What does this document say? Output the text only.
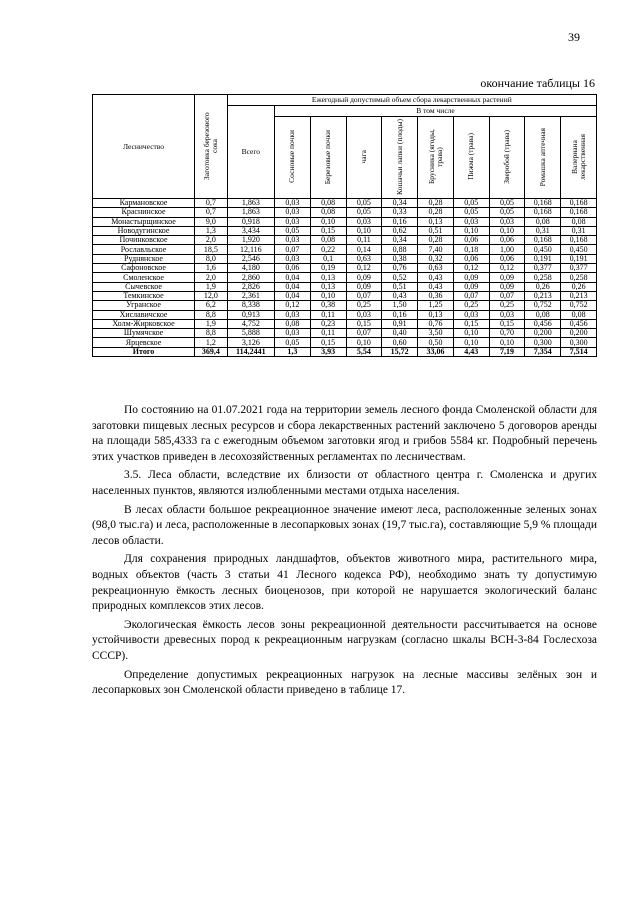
39
окончание таблицы 16
Лесничество	Заготовка березового сока	Ежегодный допустимый объем сбора лекарственных растений									
		Всего	В том числе								
			Сосновые почки	Березовые почки	чага	Кошачьи лапки (плоды)	Брусника (ягоды, трава)	Пижма (трава)	Зверобой (трава)	Ромашка аптечная	Валериана лекарственная
Кармановское	0,7	1,863	0,03	0,08	0,05	0,34	0,28	0,05	0,05	0,168	0,168
Краснинское	0,7	1,863	0,03	0,08	0,05	0,33	0,28	0,05	0,05	0,168	0,168
Монастырщинское	9,0	0,918	0,03	0,10	0,03	0,16	0,13	0,03	0,03	0,08	0,08
Новодугинское	1,3	3,434	0,05	0,15	0,10	0,62	0,51	0,10	0,10	0,31	0,31
Починковское	2,0	1,920	0,03	0,08	0,11	0,34	0,28	0,06	0,06	0,168	0,168
Рославльское	18,5	12,116	0,07	0,22	0,14	0,88	7,40	0,18	1,00	0,450	0,450
Руднянское	8,0	2,546	0,03	0,1	0,63	0,38	0,32	0,06	0,06	0,191	0,191
Сафоновское	1,6	4,180	0,06	0,19	0,12	0,76	0,63	0,12	0,12	0,377	0,377
Смоленское	2,0	2,860	0,04	0,13	0,09	0,52	0,43	0,09	0,09	0,258	0,258
Сычевское	1,9	2,826	0,04	0,13	0,09	0,51	0,43	0,09	0,09	0,26	0,26
Темкинское	12,0	2,361	0,04	0,10	0,07	0,43	0,36	0,07	0,07	0,213	0,213
Угранское	6,2	8,338	0,12	0,38	0,25	1,50	1,25	0,25	0,25	0,752	0,752
Хиславичское	8,8	0,913	0,03	0,11	0,03	0,16	0,13	0,03	0,03	0,08	0,08
Холм-Жирковское	1,9	4,752	0,08	0,23	0,15	0,91	0,76	0,15	0,15	0,456	0,456
Шумячское	8,8	5,888	0,03	0,11	0,07	0,40	3,50	0,10	0,70	0,200	0,200
Ярцевское	1,2	3,126	0,05	0,15	0,10	0,60	0,50	0,10	0,10	0,300	0,300
Итого	369,4	114,2441	1,3	3,93	5,54	15,72	33,06	4,43	7,19	7,354	7,514

По состоянию на 01.07.2021 года на территории земель лесного фонда Смоленской области для заготовки пищевых лесных ресурсов и сбора лекарственных растений заключено 5 договоров аренды на площади 585,4333 га с ежегодным объемом заготовки ягод и грибов 5584 кг. Подробный перечень этих участков приведен в лесохозяйственных регламентах по лесничествам.

3.5. Леса области, вследствие их близости от областного центра г. Смоленска и других населенных пунктов, являются излюбленными местами отдыха населения.

В лесах области большое рекреационное значение имеют леса, расположенные зеленых зонах (98,0 тыс.га) и леса, расположенные в лесопарковых зонах (19,7 тыс.га), составляющие 5,9 % площади лесов области.

Для сохранения природных ландшафтов, объектов животного мира, растительного мира, водных объектов (часть 3 статьи 41 Лесного кодекса РФ), необходимо знать ту допустимую рекреационную ёмкость лесных биоценозов, при которой не нарушается экологический баланс природных комплексов этих лесов.

Экологическая ёмкость лесов зоны рекреационной деятельности рассчитывается на основе устойчивости древесных пород к рекреационным нагрузкам (согласно шкалы ВСН-3-84 Гослесхоза СССР).

Определение допустимых рекреационных нагрузок на лесные массивы зелёных зон и лесопарковых зон Смоленской области приведено в таблице 17.
